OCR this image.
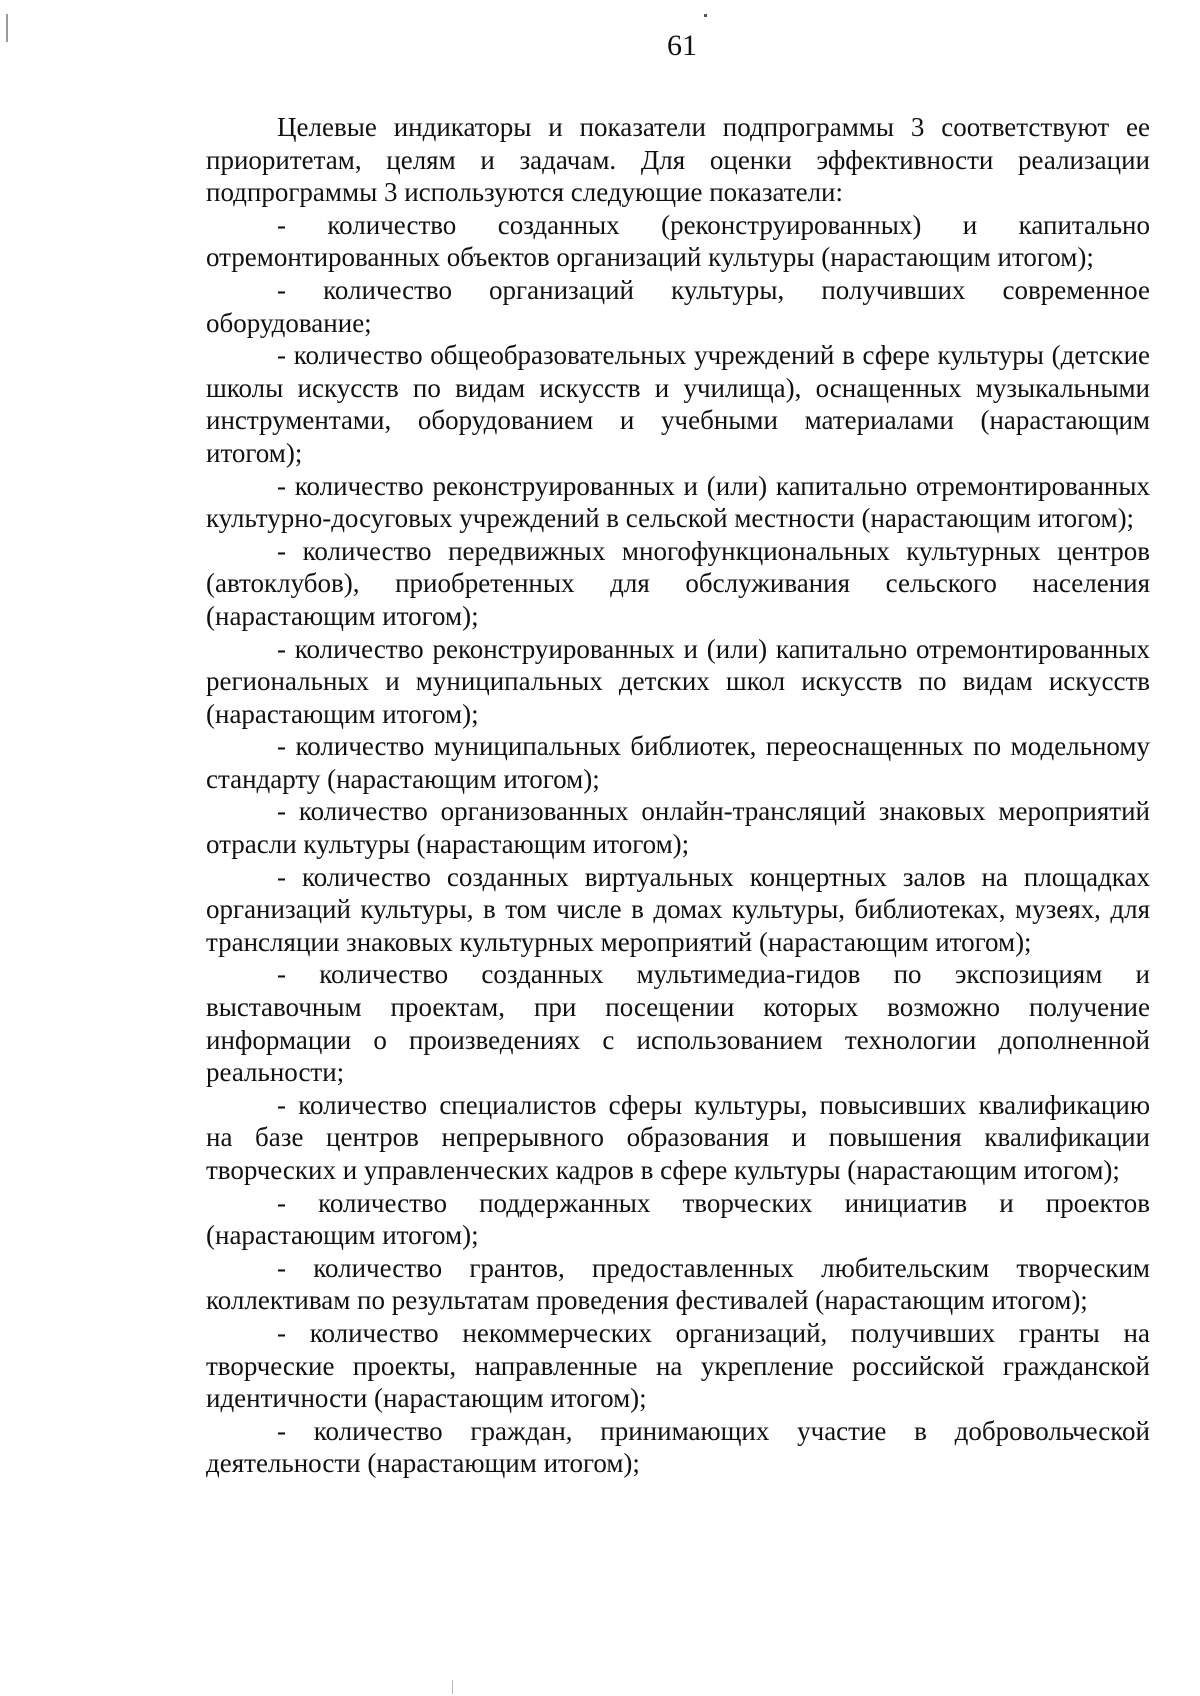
61

Целевые индикаторы и показатели подпрограммы 3 соответствуют ее приоритетам, целям и задачам. Для оценки эффективности реализации подпрограммы 3 используются следующие показатели:

- количество созданных (реконструированных) и капитально отремонтированных объектов организаций культуры (нарастающим итогом);

- количество организаций культуры, получивших современное оборудование;

- количество общеобразовательных учреждений в сфере культуры (детские школы искусств по видам искусств и училища), оснащенных музыкальными инструментами, оборудованием и учебными материалами (нарастающим итогом);

- количество реконструированных и (или) капитально отремонтированных культурно-досуговых учреждений в сельской местности (нарастающим итогом);

- количество передвижных многофункциональных культурных центров (автоклубов), приобретенных для обслуживания сельского населения (нарастающим итогом);

- количество реконструированных и (или) капитально отремонтированных региональных и муниципальных детских школ искусств по видам искусств (нарастающим итогом);

- количество муниципальных библиотек, переоснащенных по модельному стандарту (нарастающим итогом);

- количество организованных онлайн-трансляций знаковых мероприятий отрасли культуры (нарастающим итогом);

- количество созданных виртуальных концертных залов на площадках организаций культуры, в том числе в домах культуры, библиотеках, музеях, для трансляции знаковых культурных мероприятий (нарастающим итогом);

- количество созданных мультимедиа-гидов по экспозициям и выставочным проектам, при посещении которых возможно получение информации о произведениях с использованием технологии дополненной реальности;

- количество специалистов сферы культуры, повысивших квалификацию на базе центров непрерывного образования и повышения квалификации творческих и управленческих кадров в сфере культуры (нарастающим итогом);

- количество поддержанных творческих инициатив и проектов (нарастающим итогом);

- количество грантов, предоставленных любительским творческим коллективам по результатам проведения фестивалей (нарастающим итогом);

- количество некоммерческих организаций, получивших гранты на творческие проекты, направленные на укрепление российской гражданской идентичности (нарастающим итогом);

- количество граждан, принимающих участие в добровольческой деятельности (нарастающим итогом);
